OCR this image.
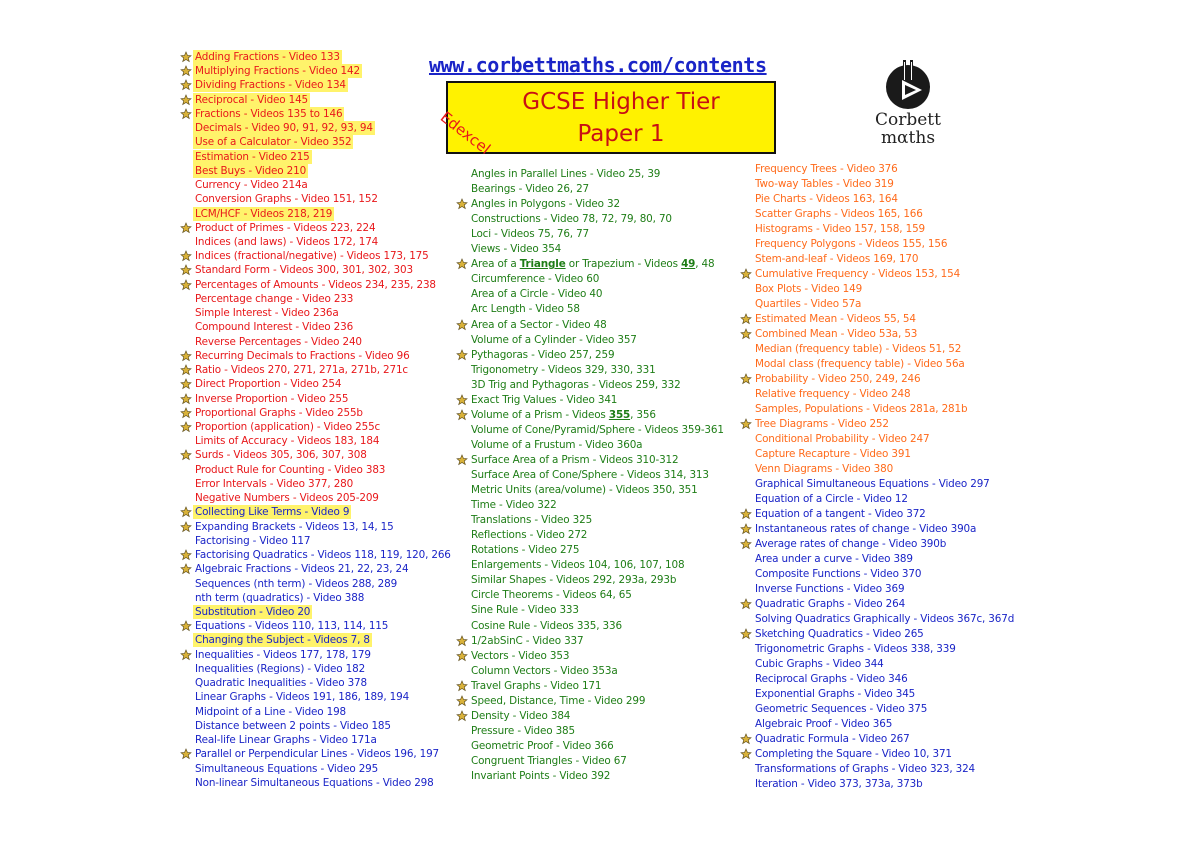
www.corbettmaths.com/contents
GCSE Higher Tier
Paper 1
Edexcel	Corbett
mαths
Adding Fractions - Video 133
Multiplying Fractions - Video 142
Dividing Fractions - Video 134
Reciprocal - Video 145
Fractions - Videos 135 to 146
Decimals - Video 90, 91, 92, 93, 94
Use of a Calculator - Video 352
Estimation - Video 215
Best Buys - Video 210
Currency - Video 214a
Conversion Graphs - Video 151, 152
LCM/HCF - Videos 218, 219
Product of Primes - Videos 223, 224
Indices (and laws) - Videos 172, 174
Indices (fractional/negative) - Videos 173, 175
Standard Form - Videos 300, 301, 302, 303
Percentages of Amounts - Videos 234, 235, 238
Percentage change - Video 233
Simple Interest - Video 236a
Compound Interest - Video 236
Reverse Percentages - Video 240
Recurring Decimals to Fractions - Video 96
Ratio - Videos 270, 271, 271a, 271b, 271c
Direct Proportion - Video 254
Inverse Proportion - Video 255
Proportional Graphs - Video 255b
Proportion (application) - Video 255c
Limits of Accuracy - Videos 183, 184
Surds - Videos 305, 306, 307, 308
Product Rule for Counting - Video 383
Error Intervals - Video 377, 280
Negative Numbers - Videos 205-209
Collecting Like Terms - Video 9
Expanding Brackets - Videos 13, 14, 15
Factorising - Video 117
Factorising Quadratics - Videos 118, 119, 120, 266
Algebraic Fractions - Videos 21, 22, 23, 24
Sequences (nth term) - Videos 288, 289
nth term (quadratics) - Video 388
Substitution - Video 20
Equations - Videos 110, 113, 114, 115
Changing the Subject - Videos 7, 8
Inequalities - Videos 177, 178, 179
Inequalities (Regions) - Video 182
Quadratic Inequalities - Video 378
Linear Graphs - Videos 191, 186, 189, 194
Midpoint of a Line - Video 198
Distance between 2 points - Video 185
Real-life Linear Graphs - Video 171a
Parallel or Perpendicular Lines - Videos 196, 197
Simultaneous Equations - Video 295
Non-linear Simultaneous Equations - Video 298
Angles in Parallel Lines - Video 25, 39
Bearings - Video 26, 27
Angles in Polygons - Video 32
Constructions - Video 78, 72, 79, 80, 70
Loci - Videos 75, 76, 77
Views - Video 354
Area of a Triangle or Trapezium - Videos 49, 48
Circumference - Video 60
Area of a Circle - Video 40
Arc Length - Video 58
Area of a Sector - Video 48
Volume of a Cylinder - Video 357
Pythagoras - Video 257, 259
Trigonometry - Videos 329, 330, 331
3D Trig and Pythagoras - Videos 259, 332
Exact Trig Values - Video 341
Volume of a Prism - Videos 355, 356
Volume of Cone/Pyramid/Sphere - Videos 359-361
Volume of a Frustum - Video 360a
Surface Area of a Prism - Videos 310-312
Surface Area of Cone/Sphere - Videos 314, 313
Metric Units (area/volume) - Videos 350, 351
Time - Video 322
Translations - Video 325
Reflections - Video 272
Rotations - Video 275
Enlargements - Videos 104, 106, 107, 108
Similar Shapes - Videos 292, 293a, 293b
Circle Theorems - Videos 64, 65
Sine Rule - Video 333
Cosine Rule - Videos 335, 336
1/2abSinC - Video 337
Vectors - Video 353
Column Vectors - Video 353a
Travel Graphs - Video 171
Speed, Distance, Time - Video 299
Density - Video 384
Pressure - Video 385
Geometric Proof - Video 366
Congruent Triangles - Video 67
Invariant Points - Video 392
Frequency Trees - Video 376
Two-way Tables - Video 319
Pie Charts - Videos 163, 164
Scatter Graphs - Videos 165, 166
Histograms - Video 157, 158, 159
Frequency Polygons - Videos 155, 156
Stem-and-leaf - Videos 169, 170
Cumulative Frequency - Videos 153, 154
Box Plots - Video 149
Quartiles - Video 57a
Estimated Mean - Videos 55, 54
Combined Mean - Video 53a, 53
Median (frequency table) - Videos 51, 52
Modal class (frequency table) - Video 56a
Probability - Video 250, 249, 246
Relative frequency - Video 248
Samples, Populations - Videos 281a, 281b
Tree Diagrams - Video 252
Conditional Probability - Video 247
Capture Recapture - Video 391
Venn Diagrams - Video 380
Graphical Simultaneous Equations - Video 297
Equation of a Circle - Video 12
Equation of a tangent - Video 372
Instantaneous rates of change - Video 390a
Average rates of change - Video 390b
Area under a curve - Video 389
Composite Functions - Video 370
Inverse Functions - Video 369
Quadratic Graphs - Video 264
Solving Quadratics Graphically - Videos 367c, 367d
Sketching Quadratics - Video 265
Trigonometric Graphs - Videos 338, 339
Cubic Graphs - Video 344
Reciprocal Graphs - Video 346
Exponential Graphs - Video 345
Geometric Sequences - Video 375
Algebraic Proof - Video 365
Quadratic Formula - Video 267
Completing the Square - Video 10, 371
Transformations of Graphs - Video 323, 324
Iteration - Video 373, 373a, 373b
